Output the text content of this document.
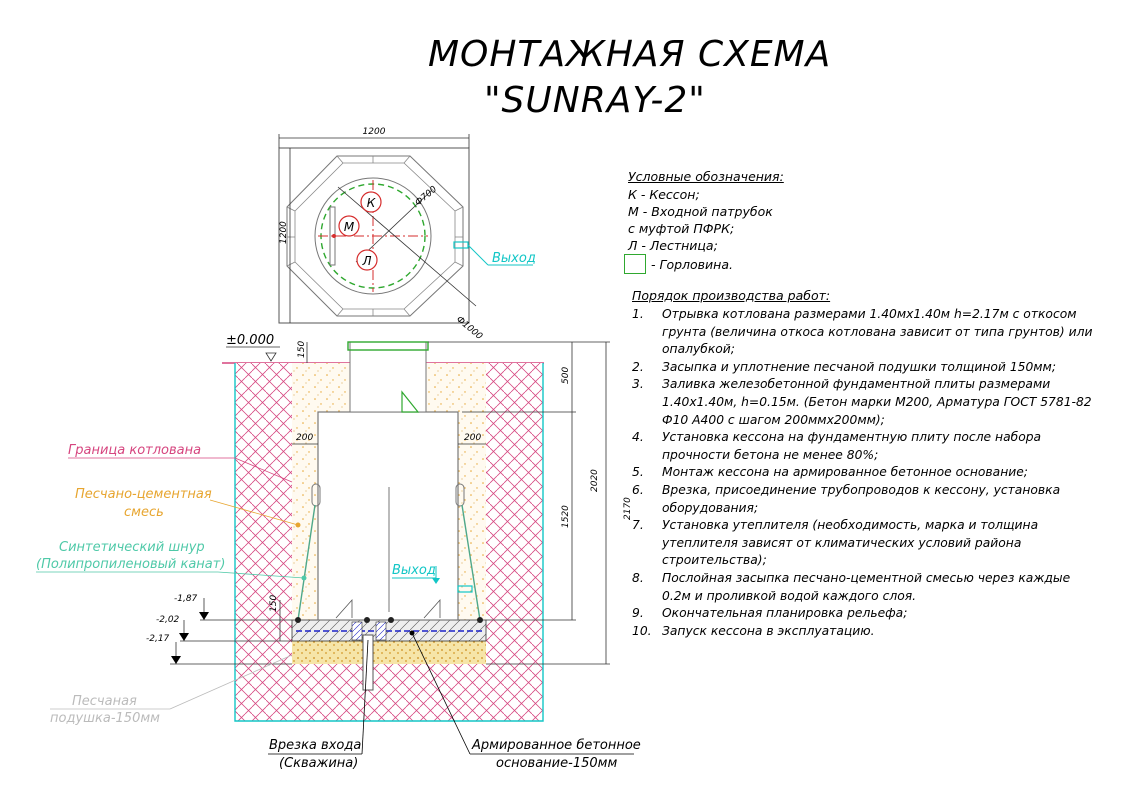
МОНТАЖНАЯ СХЕМА
"SUNRAY-2"
Условные обозначения:
К - Кессон;
М - Входной патрубок
с муфтой ПФРК;
Л - Лестница;
- Горловина.
Порядок производства работ:
1.	Отрывка котлована размерами 1.40мх1.40м h=2.17м с откосом грунта (величина откоса котлована зависит от типа грунтов) или опалубкой;
2.	Засыпка и уплотнение песчаной подушки толщиной 150мм;
3.	Заливка железобетонной фундаментной плиты размерами 1.40х1.40м, h=0.15м. (Бетон марки М200, Арматура ГОСТ 5781-82 Ф10 А400 с шагом 200ммх200мм);
4.	Установка кессона на фундаментную плиту после набора прочности бетона не менее 80%;
5.	Монтаж кессона на армированное бетонное основание;
6.	Врезка, присоединение трубопроводов к кессону, установка оборудования;
7.	Установка утеплителя (необходимость, марка и толщина утеплителя зависят от климатических условий района строительства);
8.	Послойная засыпка песчано-цементной смесью через каждые 0.2м и проливкой водой каждого слоя.
9.	Окончательная планировка рельефа;
10. Запуск кессона в эксплуатацию.
Ф700
Ф1000
К
М
Л	Выход
1200
1200
Выход
±0.000
150
200	200
500
1520
2020
2170
-1,87
-2,02
-2,17
150
Граница котлована
Песчано-цементная
смесь
Синтетический шнур
(Полипропиленовый канат)
Песчаная
подушка-150мм
Врезка входа
(Скважина)
Армированное бетонное
основание-150мм
